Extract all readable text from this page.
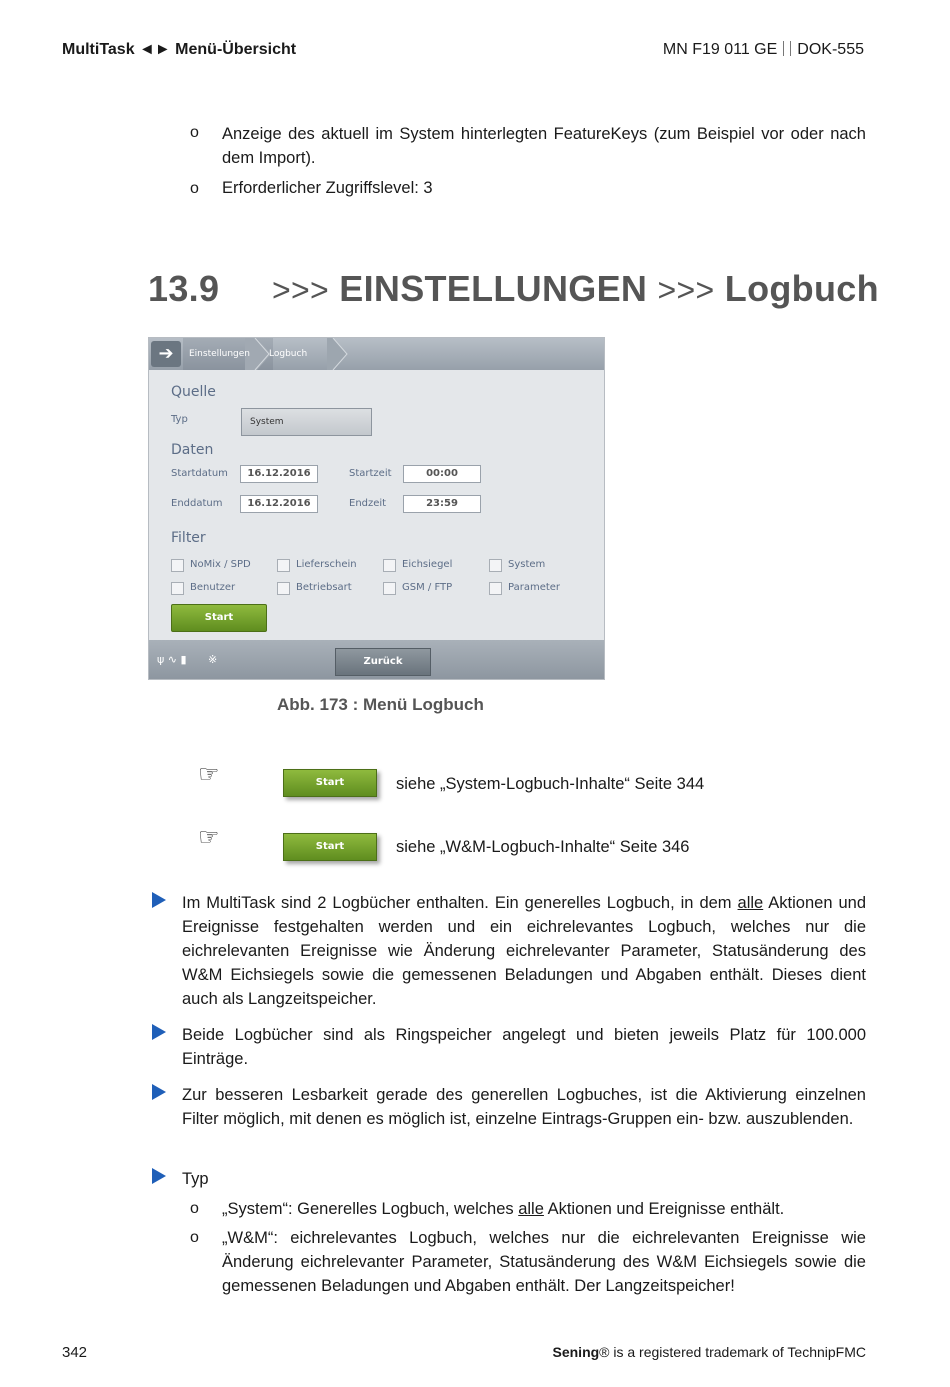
MultiTask ◄► Menü-Übersicht	MN F19 011 GE DOK-555
o Anzeige des aktuell im System hinterlegten FeatureKeys (zum Beispiel vor oder nach dem Import).
o Erforderlicher Zugriffslevel: 3
13.9 >>> EINSTELLUNGEN >>> Logbuch
➔	Einstellungen Logbuch
Quelle
Typ	System
Daten
Startdatum	16.12.2016	Startzeit	00:00
Enddatum	16.12.2016	Endzeit	23:59
Filter
NoMix / SPD	Lieferschein	Eichsiegel	System
Benutzer	Betriebsart	GSM / FTP	Parameter
Start
ψ ∿ ▮ ※	Zurück
Abb. 173 : Menü Logbuch
☞	Start	siehe „System-Logbuch-Inhalte“ Seite 344
☞	Start	siehe „W&M-Logbuch-Inhalte“ Seite 346
Im MultiTask sind 2 Logbücher enthalten. Ein generelles Logbuch, in dem alle Aktionen und Ereignisse festgehalten werden und ein eichrelevantes Logbuch, welches nur die eichrelevanten Ereignisse wie Änderung eichrelevanter Parameter, Statusänderung des W&M Eichsiegels sowie die gemessenen Beladungen und Abgaben enthält. Dieses dient auch als Langzeitspeicher.
Beide Logbücher sind als Ringspeicher angelegt und bieten jeweils Platz für 100.000 Einträge.
Zur besseren Lesbarkeit gerade des generellen Logbuches, ist die Aktivierung einzelnen Filter möglich, mit denen es möglich ist, einzelne Eintrags-Gruppen ein- bzw. auszublenden.
Typ
o „System“: Generelles Logbuch, welches alle Aktionen und Ereignisse enthält.
o „W&M“: eichrelevantes Logbuch, welches nur die eichrelevanten Ereignisse wie Änderung eichrelevanter Parameter, Statusänderung des W&M Eichsiegels sowie die gemessenen Beladungen und Abgaben enthält. Der Langzeitspeicher!
342	Sening® is a registered trademark of TechnipFMC
